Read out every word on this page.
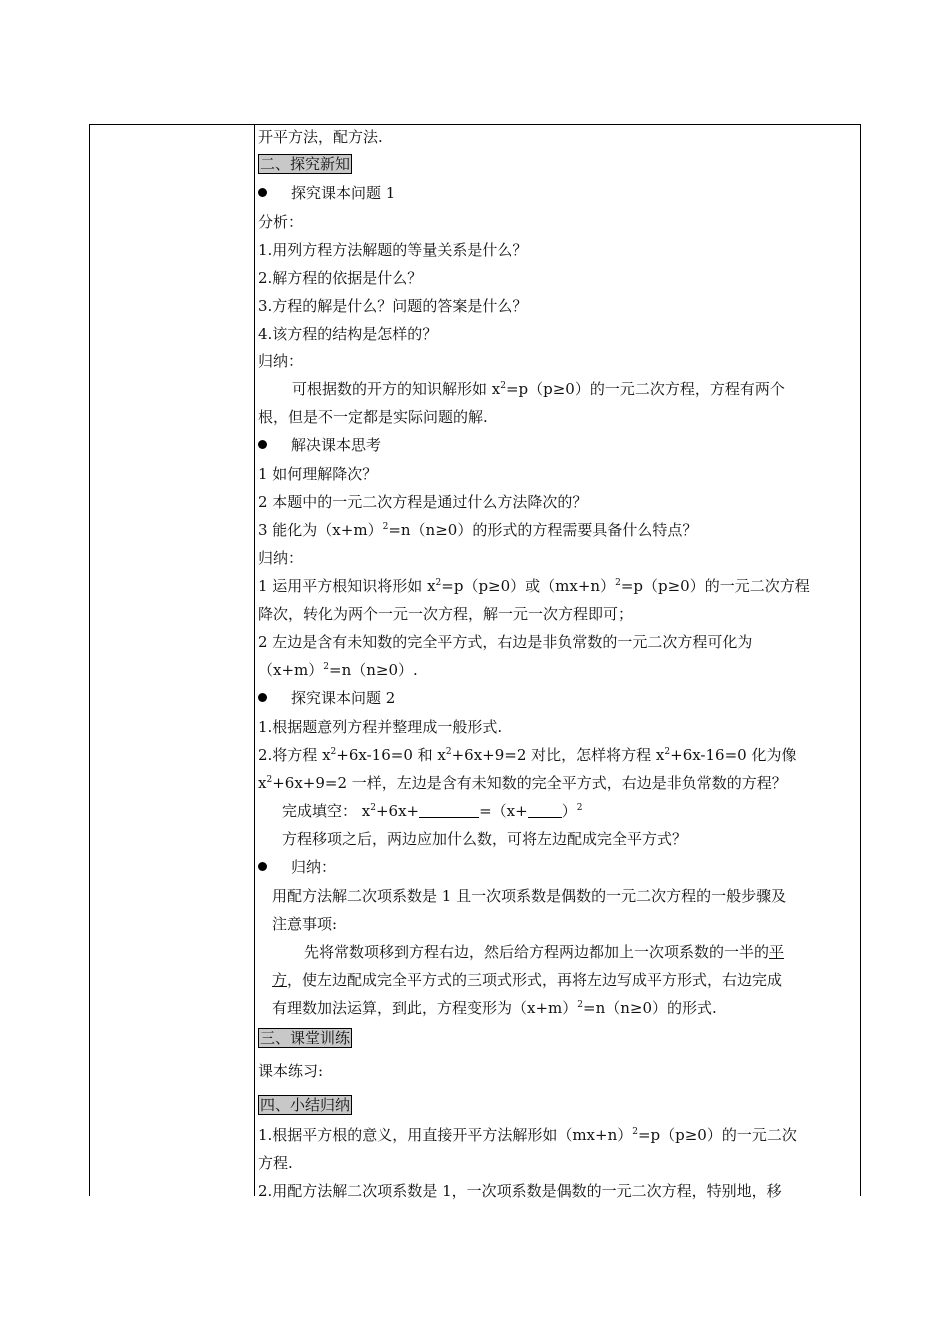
开平方法，配方法.
二、探究新知
探究课本问题 1
分析：
1.用列方程方法解题的等量关系是什么？
2.解方程的依据是什么？
3.方程的解是什么？问题的答案是什么？
4.该方程的结构是怎样的？
归纳：
可根据数的开方的知识解形如 $x^2=p(p\ge 0)$的一元二次方程，方程有两个
根，但是不一定都是实际问题的解.
解决课本思考
1 如何理解降次？
2 本题中的一元二次方程是通过什么方法降次的？
3 能化为$(x+m)^2=n(n\ge 0)$的形式的方程需要具备什么特点？
归纳：
1 运用平方根知识将形如 $x^2=p(p\ge 0)$或$(mx+n)^2=p(p\ge 0)$的一元二次方程
降次，转化为两个一元一次方程，解一元一次方程即可；
2 左边是含有未知数的完全平方式，右边是非负常数的一元二次方程可化为
$(x+m)^2=n(n\ge 0)$.
探究课本问题 2
1.根据题意列方程并整理成一般形式.
2.将方程 $x^2+6x-16=0$ 和 $x^2+6x+9=2$ 对比，怎样将方程 $x^2+6x-16=0$ 化为像
$x^2+6x+9=2$ 一样，左边是含有未知数的完全平方式，右边是非负常数的方程？
完成填空： $x^2+6x+$	$=(x+ )^2$
方程移项之后，两边应加什么数，可将左边配成完全平方式？
归纳：
用配方法解二次项系数是 1 且一次项系数是偶数的一元二次方程的一般步骤及
注意事项:
先将常数项移到方程右边，然后给方程两边都加上一次项系数的一半的平
方，使左边配成完全平方式的三项式形式，再将左边写成平方形式，右边完成
有理数加法运算，到此，方程变形为$(x+m)^2=n(n\ge 0)$的形式.
三、课堂训练
课本练习:
四、小结归纳
1.根据平方根的意义，用直接开平方法解形如$(mx+n)^2=p(p\ge 0)$的一元二次
方程.
2.用配方法解二次项系数是 1，一次项系数是偶数的一元二次方程，特别地，移
